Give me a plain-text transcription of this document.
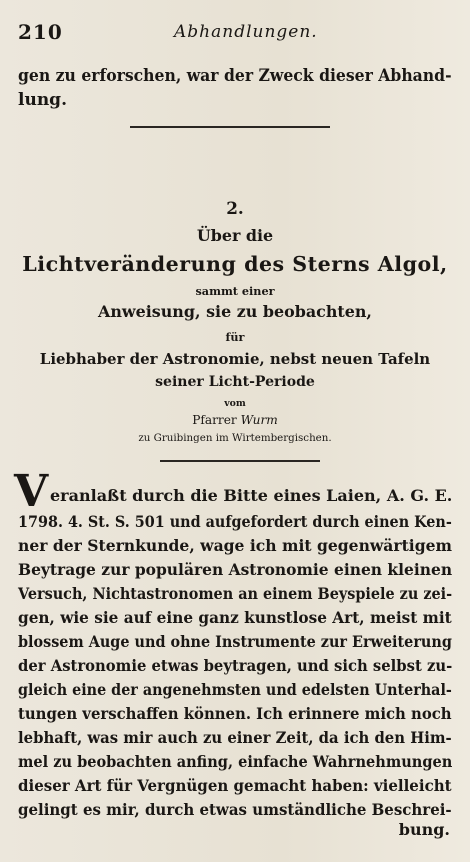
210	Abhandlungen.
gen zu erforschen, war der Zweck dieser Abhand-
lung.
2.
Über die
Lichtveränderung des Sterns Algol,
sammt einer
Anweisung, sie zu beobachten,
für
Liebhaber der Astronomie, nebst neuen Tafeln
seiner Licht-Periode
vom
Pfarrer Wurm
zu Gruibingen im Wirtembergischen.
V eranlaßt durch die Bitte eines Laien, A. G. E.
1798. 4. St. S. 501 und aufgefordert durch einen Ken-
ner der Sternkunde, wage ich mit gegenwärtigem
Beytrage zur populären Astronomie einen kleinen
Versuch, Nichtastronomen an einem Beyspiele zu zei-
gen, wie sie auf eine ganz kunstlose Art, meist mit
blossem Auge und ohne Instrumente zur Erweiterung
der Astronomie etwas beytragen, und sich selbst zu-
gleich eine der angenehmsten und edelsten Unterhal-
tungen verschaffen können. Ich erinnere mich noch
lebhaft, was mir auch zu einer Zeit, da ich den Him-
mel zu beobachten anfing, einfache Wahrnehmungen
dieser Art für Vergnügen gemacht haben: vielleicht
gelingt es mir, durch etwas umständliche Beschrei-
bung.
